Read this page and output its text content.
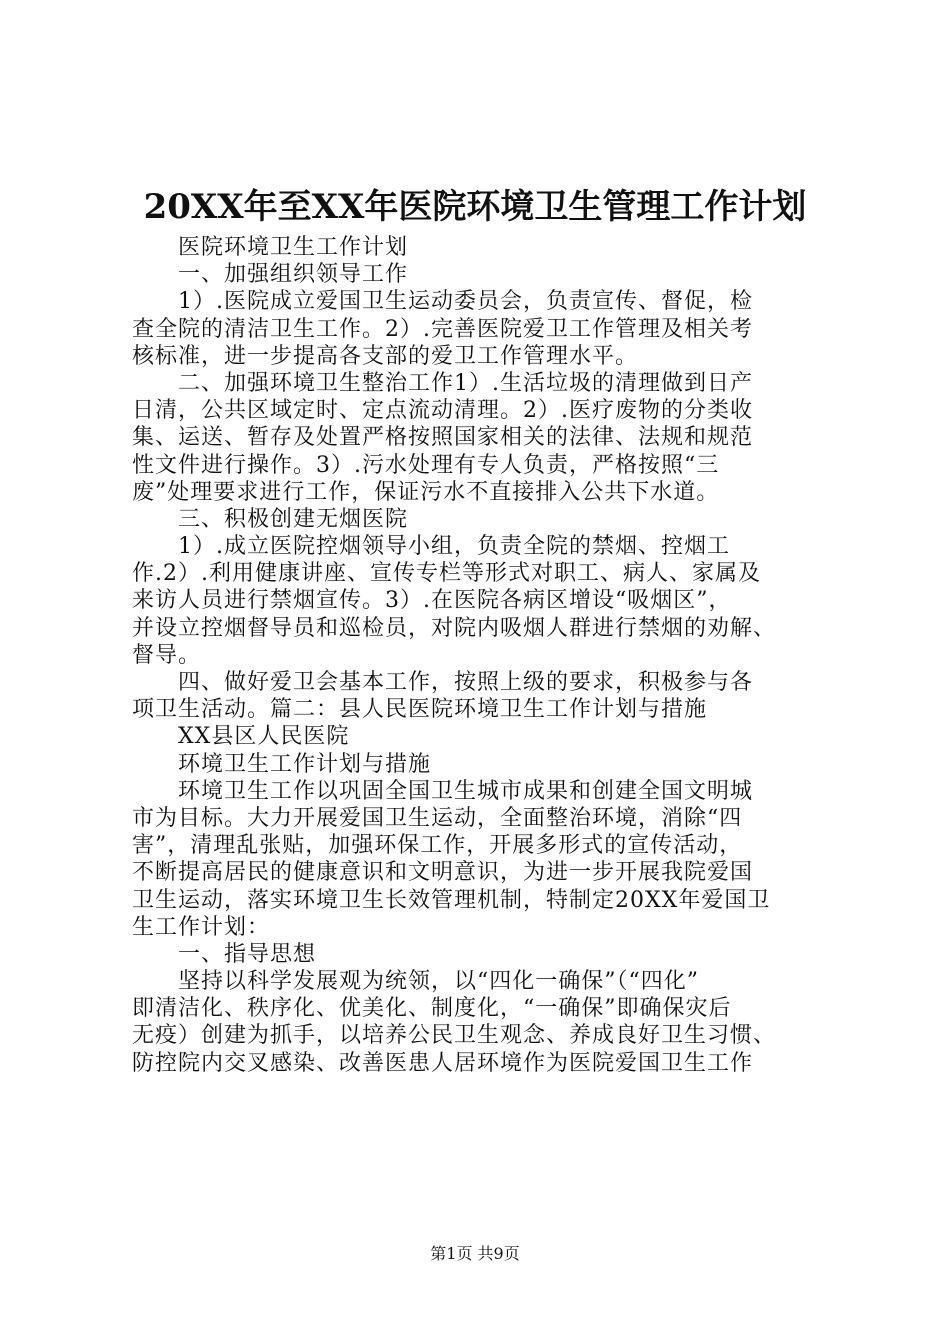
20XX年至XX年医院环境卫生管理工作计划
医院环境卫生工作计划
一、加强组织领导工作
1）.医院成立爱国卫生运动委员会，负责宣传、督促，检
查全院的清洁卫生工作。2）.完善医院爱卫工作管理及相关考
核标准，进一步提高各支部的爱卫工作管理水平。
二、加强环境卫生整治工作1）.生活垃圾的清理做到日产
日清，公共区域定时、定点流动清理。2）.医疗废物的分类收
集、运送、暂存及处置严格按照国家相关的法律、法规和规范
性文件进行操作。3）.污水处理有专人负责，严格按照“三
废”处理要求进行工作，保证污水不直接排入公共下水道。
三、积极创建无烟医院
1）.成立医院控烟领导小组，负责全院的禁烟、控烟工
作.2）.利用健康讲座、宣传专栏等形式对职工、病人、家属及
来访人员进行禁烟宣传。3）.在医院各病区增设“吸烟区”，
并设立控烟督导员和巡检员，对院内吸烟人群进行禁烟的劝解、
督导。
四、做好爱卫会基本工作，按照上级的要求，积极参与各
项卫生活动。篇二：县人民医院环境卫生工作计划与措施
XX县区人民医院
环境卫生工作计划与措施
环境卫生工作以巩固全国卫生城市成果和创建全国文明城
市为目标。大力开展爱国卫生运动，全面整治环境，消除“四
害”，清理乱张贴，加强环保工作，开展多形式的宣传活动，
不断提高居民的健康意识和文明意识，为进一步开展我院爱国
卫生运动，落实环境卫生长效管理机制，特制定20XX年爱国卫
生工作计划：
一、指导思想
坚持以科学发展观为统领，以“四化一确保”（“四化”
即清洁化、秩序化、优美化、制度化，“一确保”即确保灾后
无疫）创建为抓手，以培养公民卫生观念、养成良好卫生习惯、
防控院内交叉感染、改善医患人居环境作为医院爱国卫生工作
第1页 共9页
